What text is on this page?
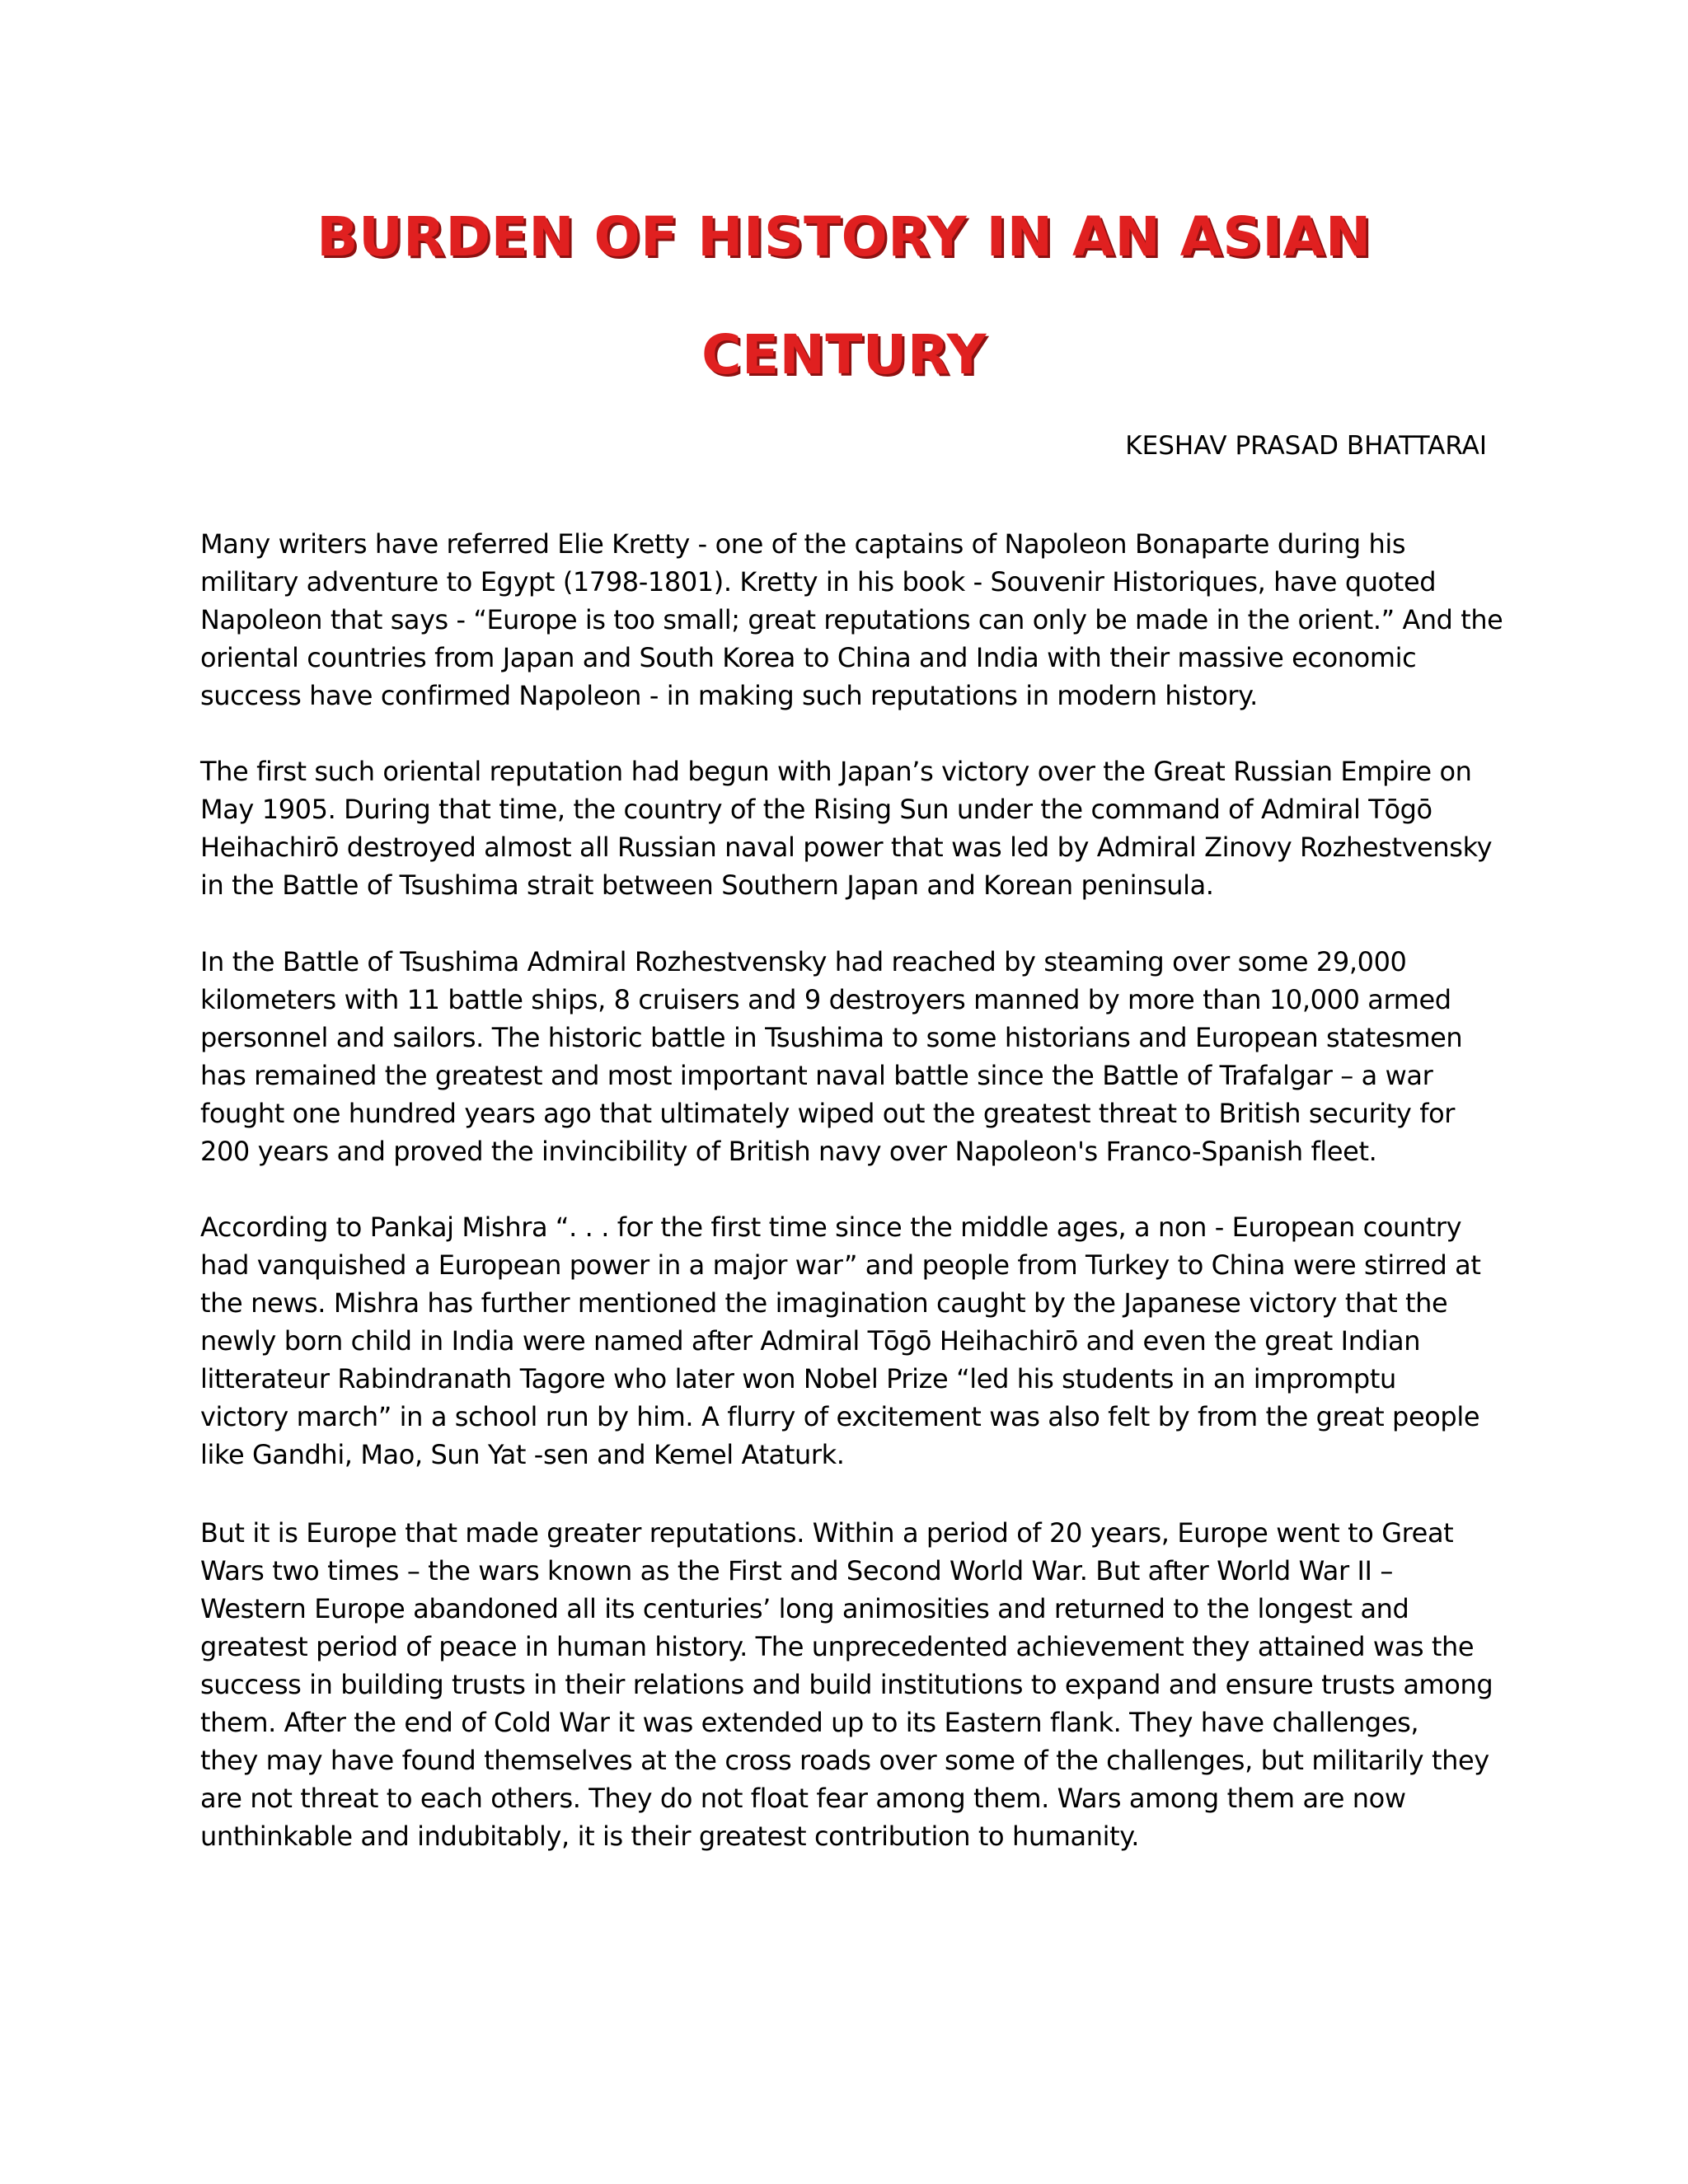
BURDEN OF HISTORY IN AN ASIAN
CENTURY
KESHAV PRASAD BHATTARAI
Many writers have referred Elie Kretty - one of the captains of Napoleon Bonaparte during his
military adventure to Egypt (1798-1801). Kretty in his book - Souvenir Historiques, have quoted
Napoleon that says - “Europe is too small; great reputations can only be made in the orient.” And the
oriental countries from Japan and South Korea to China and India with their massive economic
success have confirmed Napoleon - in making such reputations in modern history.
The first such oriental reputation had begun with Japan’s victory over the Great Russian Empire on
May 1905. During that time, the country of the Rising Sun under the command of Admiral Tōgō
Heihachirō destroyed almost all Russian naval power that was led by Admiral Zinovy Rozhestvensky
in the Battle of Tsushima strait between Southern Japan and Korean peninsula.
In the Battle of Tsushima Admiral Rozhestvensky had reached by steaming over some 29,000
kilometers with 11 battle ships, 8 cruisers and 9 destroyers manned by more than 10,000 armed
personnel and sailors. The historic battle in Tsushima to some historians and European statesmen
has remained the greatest and most important naval battle since the Battle of Trafalgar – a war
fought one hundred years ago that ultimately wiped out the greatest threat to British security for
200 years and proved the invincibility of British navy over Napoleon's Franco-Spanish fleet.
According to Pankaj Mishra “. . . for the first time since the middle ages, a non - European country
had vanquished a European power in a major war” and people from Turkey to China were stirred at
the news. Mishra has further mentioned the imagination caught by the Japanese victory that the
newly born child in India were named after Admiral Tōgō Heihachirō and even the great Indian
litterateur Rabindranath Tagore who later won Nobel Prize “led his students in an impromptu
victory march” in a school run by him. A flurry of excitement was also felt by from the great people
like Gandhi, Mao, Sun Yat -sen and Kemel Ataturk.
But it is Europe that made greater reputations. Within a period of 20 years, Europe went to Great
Wars two times – the wars known as the First and Second World War. But after World War II –
Western Europe abandoned all its centuries’ long animosities and returned to the longest and
greatest period of peace in human history. The unprecedented achievement they attained was the
success in building trusts in their relations and build institutions to expand and ensure trusts among
them. After the end of Cold War it was extended up to its Eastern flank. They have challenges,
they may have found themselves at the cross roads over some of the challenges, but militarily they
are not threat to each others. They do not float fear among them. Wars among them are now
unthinkable and indubitably, it is their greatest contribution to humanity.
